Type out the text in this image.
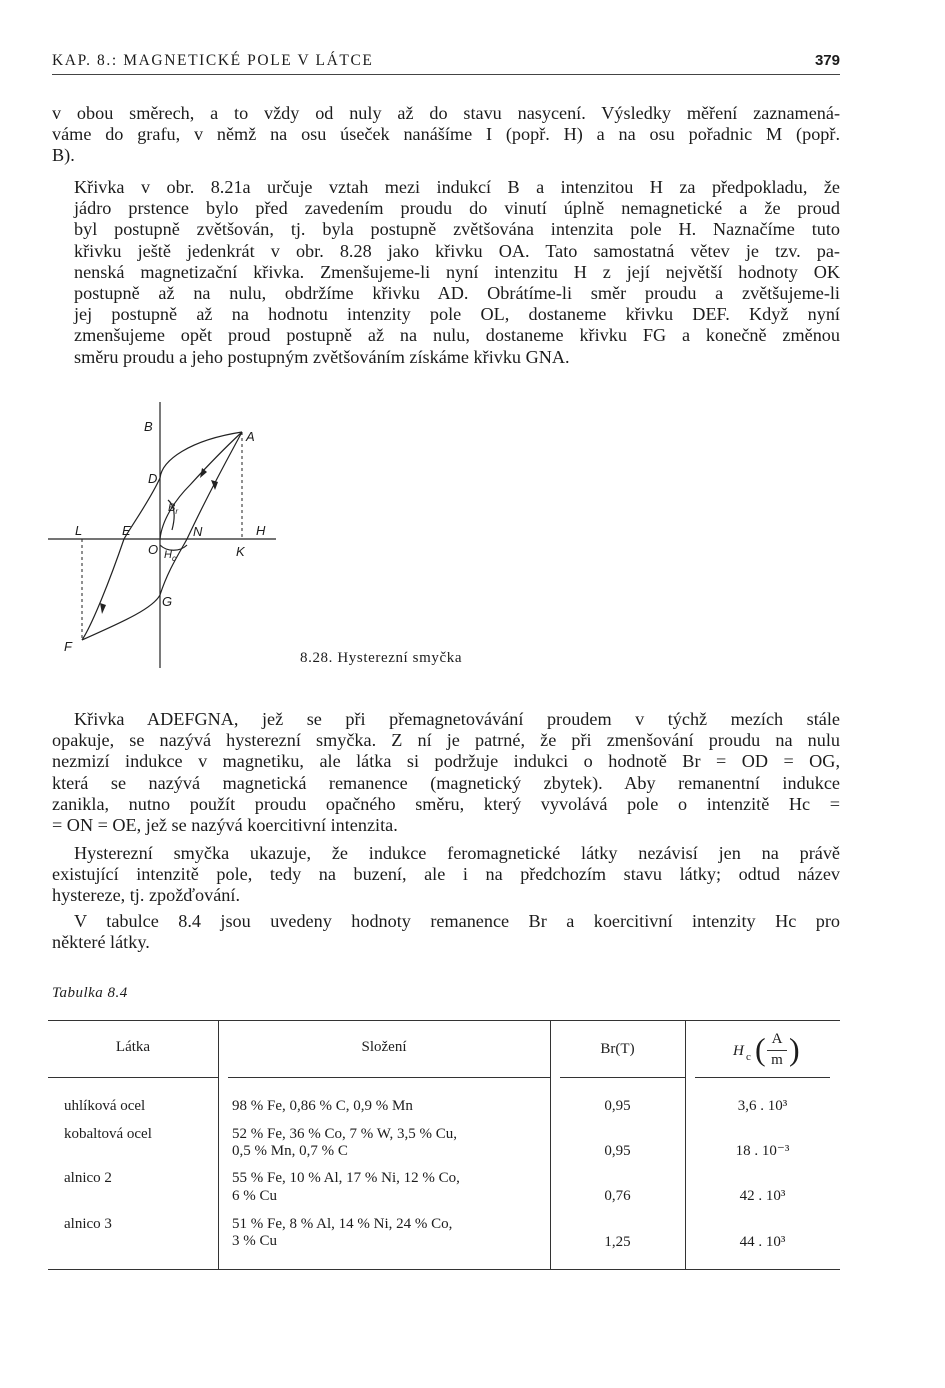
KAP. 8.: MAGNETICKÉ POLE V LÁTCE	379
v obou směrech, a to vždy od nuly až do stavu nasycení. Výsledky měření zaznamená-
váme do grafu, v němž na osu úseček nanášíme I (popř. H) a na osu pořadnic M (popř.
B).
Křivka v obr. 8.21a určuje vztah mezi indukcí B a intenzitou H za předpokladu, že
jádro prstence bylo před zavedením proudu do vinutí úplně nemagnetické a že proud
byl postupně zvětšován, tj. byla postupně zvětšována intenzita pole H. Naznačíme tuto
křivku ještě jedenkrát v obr. 8.28 jako křivku OA. Tato samostatná větev je tzv. pa-
nenská magnetizační křivka. Zmenšujeme-li nyní intenzitu H z její největší hodnoty OK
postupně až na nulu, obdržíme křivku AD. Obrátíme-li směr proudu a zvětšujeme-li
jej postupně až na hodnotu intenzity pole OL, dostaneme křivku DEF. Když nyní
zmenšujeme opět proud postupně až na nulu, dostaneme křivku FG a konečně změnou
směru proudu a jeho postupným zvětšováním získáme křivku GNA.
B
A
D
$B_r$
L	E	N	H
O $H_c$	K
G
F
8.28. Hysterezní smyčka
Křivka ADEFGNA, jež se při přemagnetovávání proudem v týchž mezích stále
opakuje, se nazývá hysterezní smyčka. Z ní je patrné, že při zmenšování proudu na nulu
nezmizí indukce v magnetiku, ale látka si podržuje indukci o hodnotě Br = OD = OG,
která se nazývá magnetická remanence (magnetický zbytek). Aby remanentní indukce
zanikla, nutno použít proudu opačného směru, který vyvolává pole o intenzitě Hc =
= ON = OE, jež se nazývá koercitivní intenzita.
Hysterezní smyčka ukazuje, že indukce feromagnetické látky nezávisí jen na právě
existující intenzitě pole, tedy na buzení, ale i na předchozím stavu látky; odtud název
hystereze, tj. zpožďování.
V tabulce 8.4 jsou uvedeny hodnoty remanence Br a koercitivní intenzity Hc pro
některé látky.
Tabulka 8.4
Látka	Složení	Br(T)	H c ( A
m )
uhlíková ocel	98 % Fe, 0,86 % C, 0,9 % Mn	0,95	3,6 . 10³
kobaltová ocel	52 % Fe, 36 % Co, 7 % W, 3,5 % Cu,
0,5 % Mn, 0,7 % C	0,95	18 . 10⁻³
alnico 2	55 % Fe, 10 % Al, 17 % Ni, 12 % Co,
6 % Cu	0,76	42 . 10³
alnico 3	51 % Fe, 8 % Al, 14 % Ni, 24 % Co,
3 % Cu	1,25	44 . 10³
